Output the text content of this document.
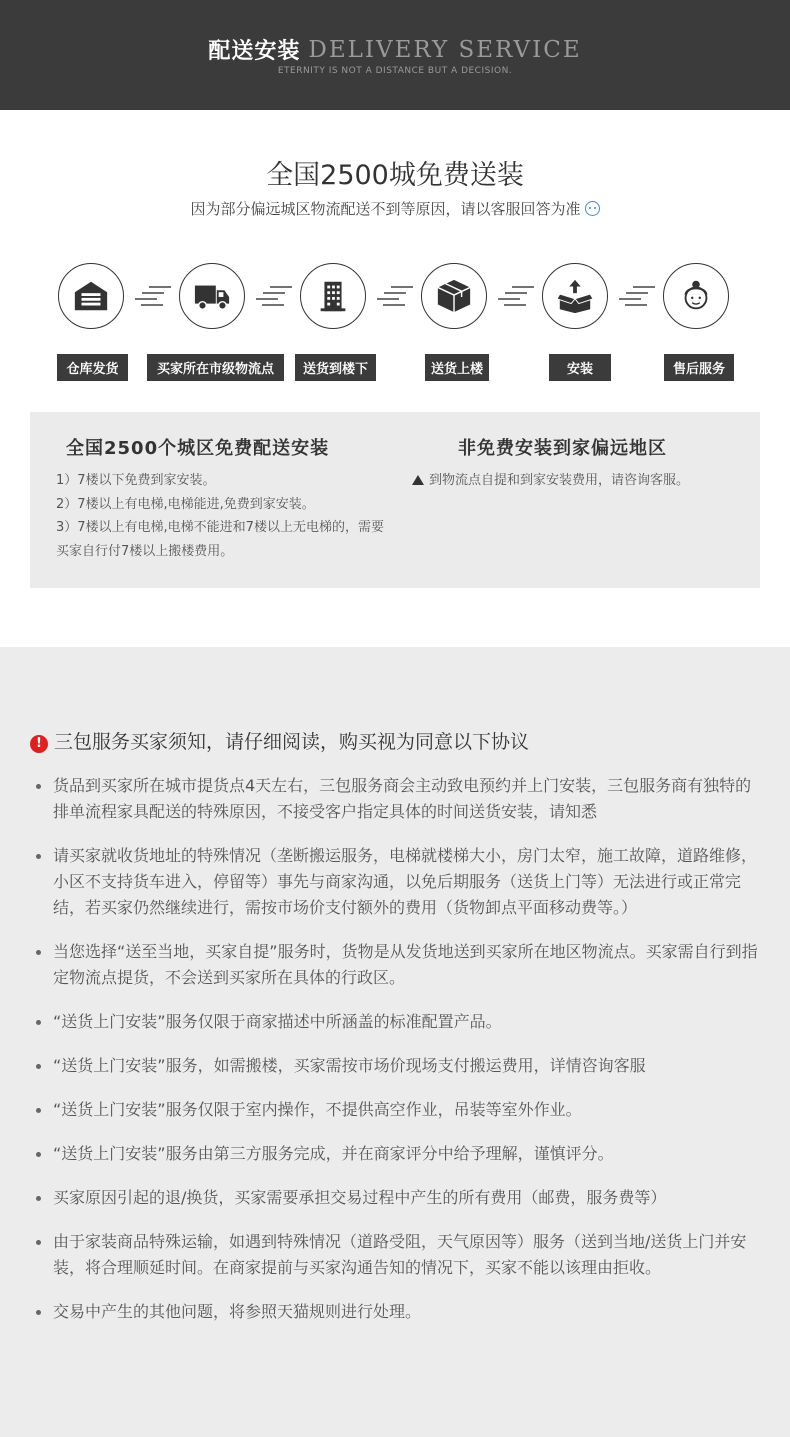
配送安装 DELIVERY SERVICE
ETERNITY IS NOT A DISTANCE BUT A DECISION.
全国2500城免费送装
因为部分偏远城区物流配送不到等原因，请以客服回答为准
仓库发货	买家所在市级物流点	送货到楼下	送货上楼	安装	售后服务
全国2500个城区免费配送安装
1）7楼以下免费到家安装。
2）7楼以上有电梯,电梯能进,免费到家安装。
3）7楼以上有电梯,电梯不能进和7楼以上无电梯的，需要买家自行付7楼以上搬楼费用。
非免费安装到家偏远地区
到物流点自提和到家安装费用，请咨询客服。
! 三包服务买家须知，请仔细阅读，购买视为同意以下协议
货品到买家所在城市提货点4天左右，三包服务商会主动致电预约并上门安装，三包服务商有独特的排单流程家具配送的特殊原因，不接受客户指定具体的时间送货安装，请知悉
请买家就收货地址的特殊情况（垄断搬运服务，电梯就楼梯大小，房门太窄，施工故障，道路维修，小区不支持货车进入，停留等）事先与商家沟通，以免后期服务（送货上门等）无法进行或正常完结，若买家仍然继续进行，需按市场价支付额外的费用（货物卸点平面移动费等。）
当您选择“送至当地，买家自提”服务时，货物是从发货地送到买家所在地区物流点。买家需自行到指定物流点提货，不会送到买家所在具体的行政区。
“送货上门安装”服务仅限于商家描述中所涵盖的标准配置产品。
“送货上门安装”服务，如需搬楼，买家需按市场价现场支付搬运费用，详情咨询客服
“送货上门安装”服务仅限于室内操作，不提供高空作业，吊装等室外作业。
“送货上门安装”服务由第三方服务完成，并在商家评分中给予理解，谨慎评分。
买家原因引起的退/换货，买家需要承担交易过程中产生的所有费用（邮费，服务费等）
由于家装商品特殊运输，如遇到特殊情况（道路受阻，天气原因等）服务（送到当地/送货上门并安装，将合理顺延时间。在商家提前与买家沟通告知的情况下，买家不能以该理由拒收。
交易中产生的其他问题，将参照天猫规则进行处理。
